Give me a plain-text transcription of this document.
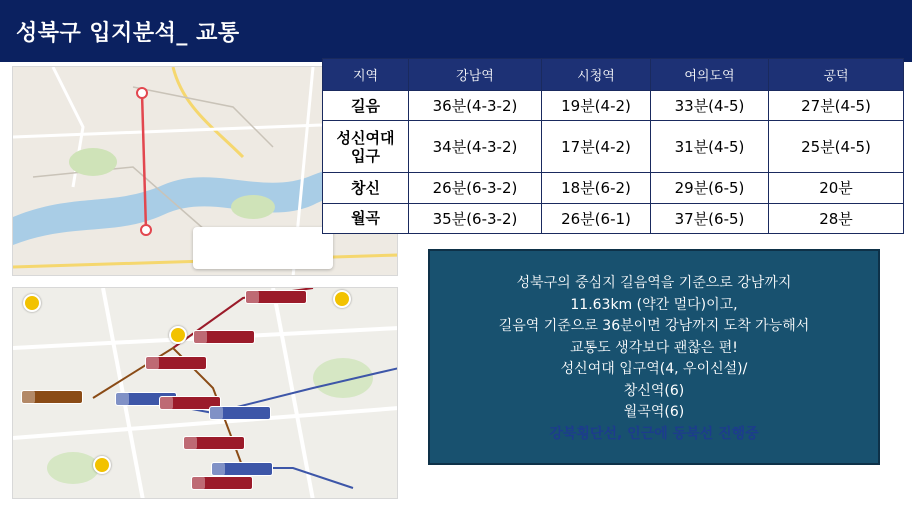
성북구 입지분석_ 교통
지역	강남역	시청역	여의도역	공덕
길음	36분(4-3-2)	19분(4-2)	33분(4-5)	27분(4-5)
성신여대
입구	34분(4-3-2)	17분(4-2)	31분(4-5)	25분(4-5)
창신	26분(6-3-2)	18분(6-2)	29분(6-5)	20분
월곡	35분(6-3-2)	26분(6-1)	37분(6-5)	28분
성북구의 중심지 길음역을 기준으로 강남까지
11.63km (약간 멀다)이고,
길음역 기준으로 36분이면 강남까지 도착 가능해서
교통도 생각보다 괜찮은 편!
성신여대 입구역(4, 우이신설)/
창신역(6)
월곡역(6)
강북횡단선, 인근에 동북선 진행중
